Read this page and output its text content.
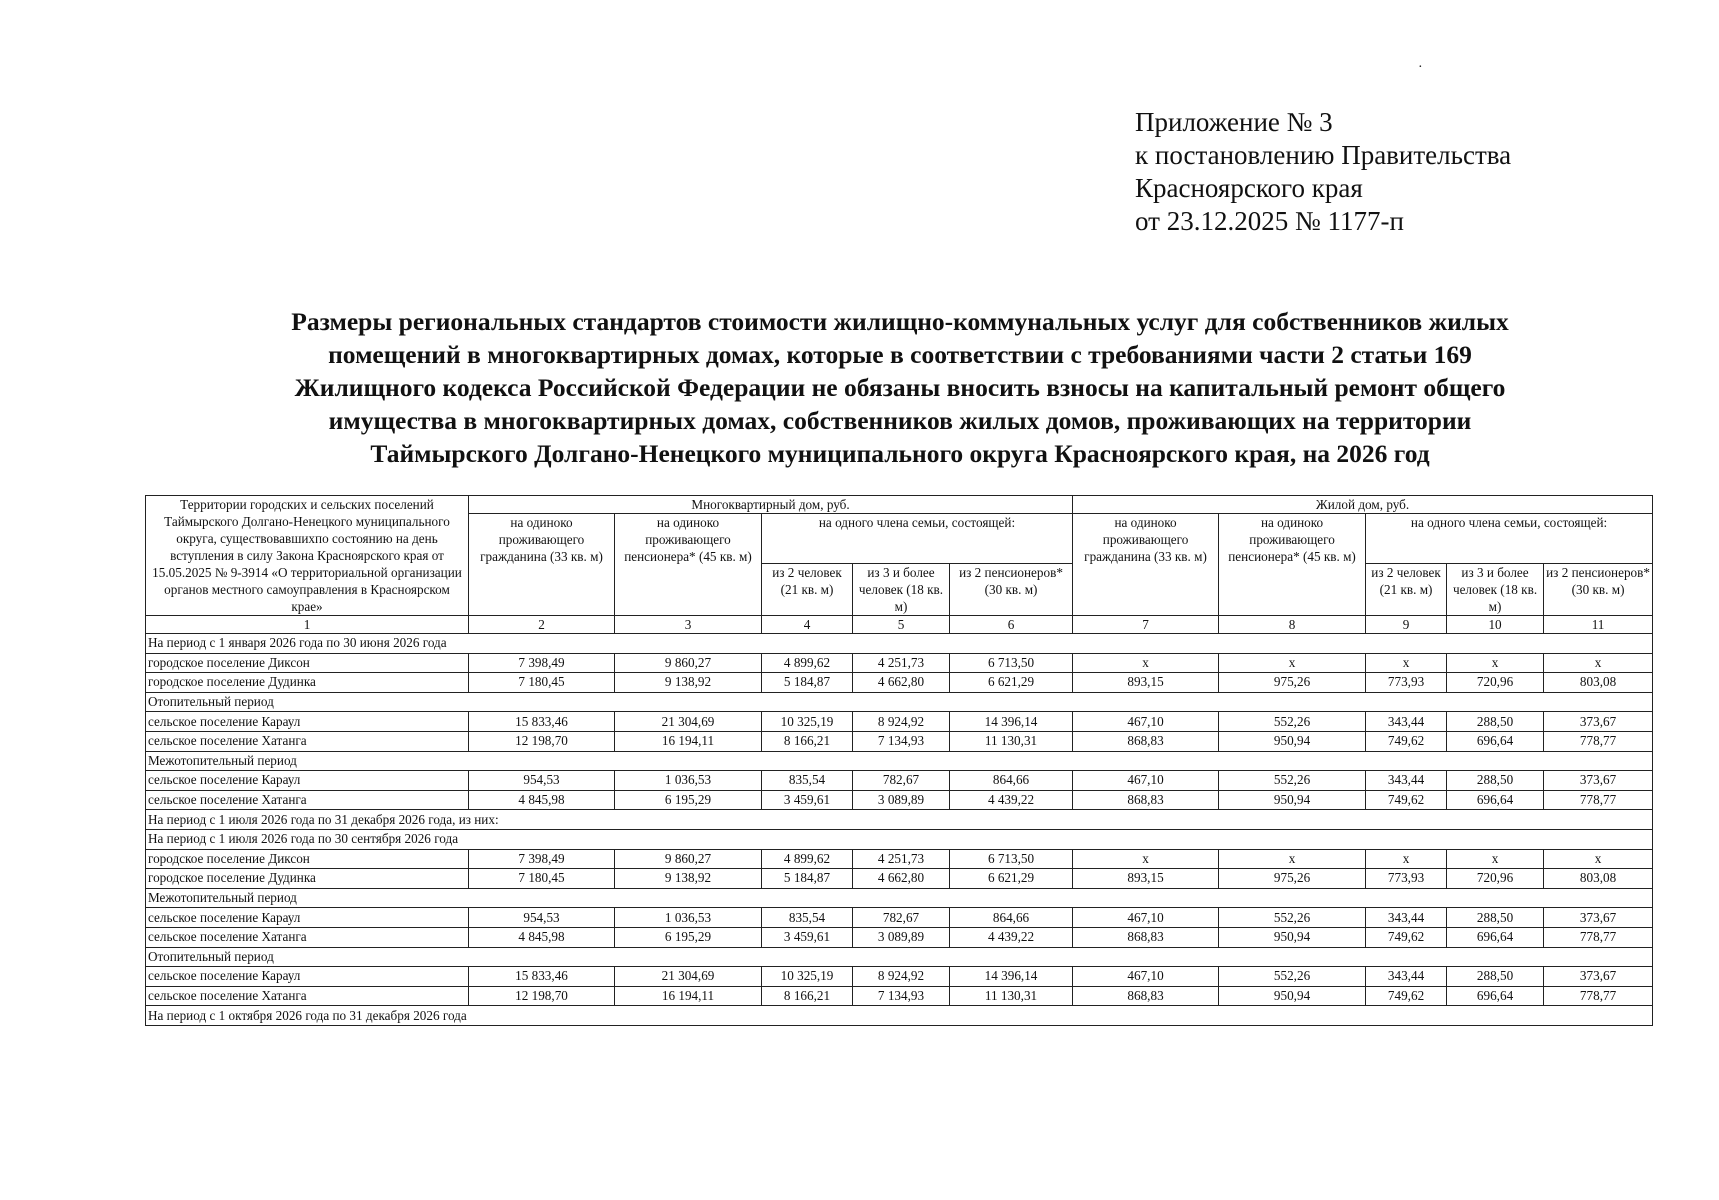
Приложение № 3
к постановлению Правительства
Красноярского края
от 23.12.2025 № 1177-п
Размеры региональных стандартов стоимости жилищно-коммунальных услуг для собственников жилых
помещений в многоквартирных домах, которые в соответствии с требованиями части 2 статьи 169
Жилищного кодекса Российской Федерации не обязаны вносить взносы на капитальный ремонт общего
имущества в многоквартирных домах, собственников жилых домов, проживающих на территории
Таймырского Долгано-Ненецкого муниципального округа Красноярского края, на 2026 год
Территории городских и сельских поселений Таймырского Долгано-Ненецкого муниципального округа, существовавшихпо состоянию на день вступления в силу Закона Красноярского края от 15.05.2025 № 9-3914 «О территориальной организации органов местного самоуправления в Красноярском крае»	Многоквартирный дом, руб.					Жилой дом, руб.				
	на одиноко проживающего гражданина (33 кв. м)	на одиноко проживающего пенсионера* (45 кв. м)	на одного члена семьи, состоящей:			на одиноко проживающего гражданина (33 кв. м)	на одиноко проживающего пенсионера* (45 кв. м)	на одного члена семьи, состоящей:		
			из 2 человек (21 кв. м)	из 3 и более человек (18 кв. м)	из 2 пенсионеров* (30 кв. м)			из 2 человек (21 кв. м)	из 3 и более человек (18 кв. м)	из 2 пенсионеров* (30 кв. м)
1	2	3	4	5	6	7	8	9	10	11
На период с 1 января 2026 года по 30 июня 2026 года										
городское поселение Диксон	7 398,49	9 860,27	4 899,62	4 251,73	6 713,50	x	x	x	x	x
городское поселение Дудинка	7 180,45	9 138,92	5 184,87	4 662,80	6 621,29	893,15	975,26	773,93	720,96	803,08
Отопительный период										
сельское поселение Караул	15 833,46	21 304,69	10 325,19	8 924,92	14 396,14	467,10	552,26	343,44	288,50	373,67
сельское поселение Хатанга	12 198,70	16 194,11	8 166,21	7 134,93	11 130,31	868,83	950,94	749,62	696,64	778,77
Межотопительный период										
сельское поселение Караул	954,53	1 036,53	835,54	782,67	864,66	467,10	552,26	343,44	288,50	373,67
сельское поселение Хатанга	4 845,98	6 195,29	3 459,61	3 089,89	4 439,22	868,83	950,94	749,62	696,64	778,77
На период с 1 июля 2026 года по 31 декабря 2026 года, из них:										
На период с 1 июля 2026 года по 30 сентября 2026 года										
городское поселение Диксон	7 398,49	9 860,27	4 899,62	4 251,73	6 713,50	x	x	x	x	x
городское поселение Дудинка	7 180,45	9 138,92	5 184,87	4 662,80	6 621,29	893,15	975,26	773,93	720,96	803,08
Межотопительный период										
сельское поселение Караул	954,53	1 036,53	835,54	782,67	864,66	467,10	552,26	343,44	288,50	373,67
сельское поселение Хатанга	4 845,98	6 195,29	3 459,61	3 089,89	4 439,22	868,83	950,94	749,62	696,64	778,77
Отопительный период										
сельское поселение Караул	15 833,46	21 304,69	10 325,19	8 924,92	14 396,14	467,10	552,26	343,44	288,50	373,67
сельское поселение Хатанга	12 198,70	16 194,11	8 166,21	7 134,93	11 130,31	868,83	950,94	749,62	696,64	778,77
На период с 1 октября 2026 года по 31 декабря 2026 года										
·
